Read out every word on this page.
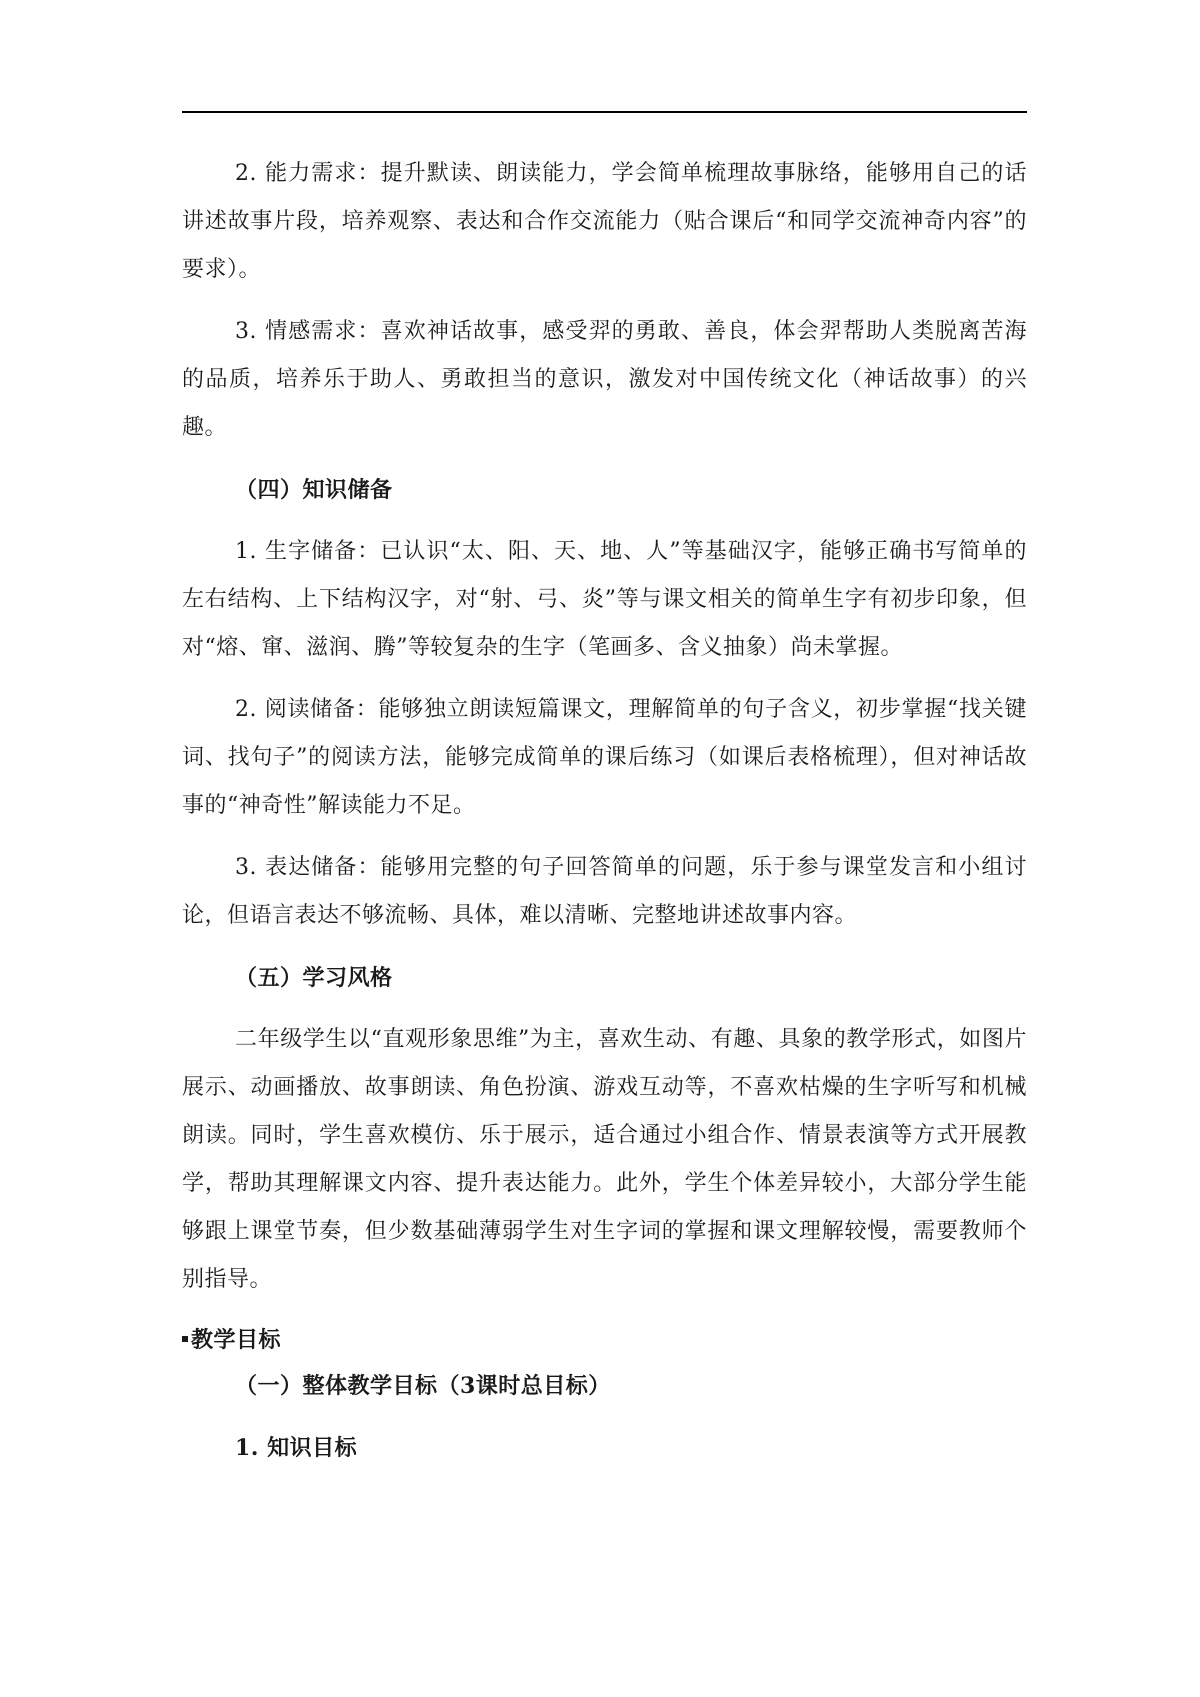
2. 能力需求：提升默读、朗读能力，学会简单梳理故事脉络，能够用自己的话讲述故事片段，培养观察、表达和合作交流能力（贴合课后“和同学交流神奇内容”的要求）。

3. 情感需求：喜欢神话故事，感受羿的勇敢、善良，体会羿帮助人类脱离苦海的品质，培养乐于助人、勇敢担当的意识，激发对中国传统文化（神话故事）的兴趣。

（四）知识储备

1. 生字储备：已认识“太、阳、天、地、人”等基础汉字，能够正确书写简单的左右结构、上下结构汉字，对“射、弓、炎”等与课文相关的简单生字有初步印象，但对“熔、窜、滋润、腾”等较复杂的生字（笔画多、含义抽象）尚未掌握。

2. 阅读储备：能够独立朗读短篇课文，理解简单的句子含义，初步掌握“找关键词、找句子”的阅读方法，能够完成简单的课后练习（如课后表格梳理），但对神话故事的“神奇性”解读能力不足。

3. 表达储备：能够用完整的句子回答简单的问题，乐于参与课堂发言和小组讨论，但语言表达不够流畅、具体，难以清晰、完整地讲述故事内容。

（五）学习风格

二年级学生以“直观形象思维”为主，喜欢生动、有趣、具象的教学形式，如图片展示、动画播放、故事朗读、角色扮演、游戏互动等，不喜欢枯燥的生字听写和机械朗读。同时，学生喜欢模仿、乐于展示，适合通过小组合作、情景表演等方式开展教学，帮助其理解课文内容、提升表达能力。此外，学生个体差异较小，大部分学生能够跟上课堂节奏，但少数基础薄弱学生对生字词的掌握和课文理解较慢，需要教师个别指导。

教学目标
（一）整体教学目标（3课时总目标）
1. 知识目标
